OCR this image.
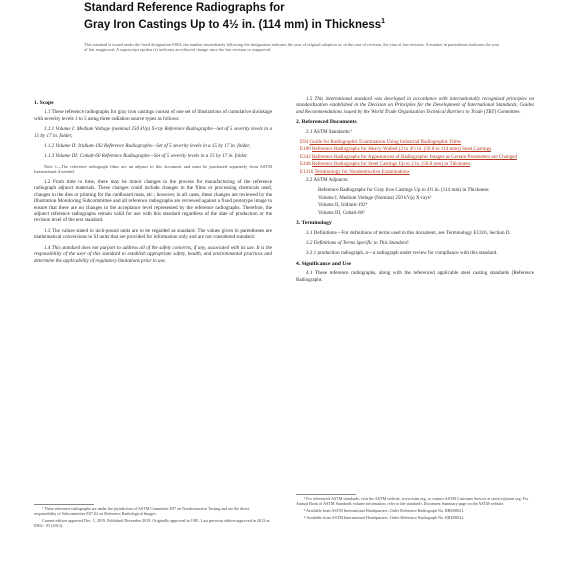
Standard Reference Radiographs for
Gray Iron Castings Up to 4½ in. (114 mm) in Thickness$^1$
This standard is issued under the fixed designation E802; the number immediately following the designation indicates the year of original adoption or, in the case of revision, the year of last revision. A number in parentheses indicates the year of last reapproval. A superscript epsilon (ε) indicates an editorial change since the last revision or reapproval.
1. Scope
1.1 These reference radiographs for gray iron castings consist of one set of illustrations of cumulative shrinkage with severity levels 1 to 5 using three radiation source types as follows:
1.1.1 Volume I: Medium Voltage (nominal 250 kVp) X-ray Reference Radiographs—Set of 5 severity levels in a 15 by 17 in. folder,
1.1.2 Volume II: Iridium-192 Reference Radiographs—Set of 5 severity levels in a 15 by 17 in. folder,
1.1.3 Volume III: Cobalt-60 Reference Radiographs—Set of 5 severity levels in a 15 by 17 in. folder.
Note 1—The reference radiograph films are an adjunct to this document and must be purchased separately from ASTM International if needed.
1.2 From time to time, there may be minor changes to the process for manufacturing of the reference radiograph adjunct materials. These changes could include changes in the films or processing chemicals used, changes in the dies or printing for the cardboard mats, etc.; however, in all cases, these changes are reviewed by the Illustration Monitoring Subcommittee and all reference radiographs are reviewed against a fixed prototype image to ensure that there are no changes to the acceptance level represented by the reference radiographs. Therefore, the adjunct reference radiographs remain valid for use with this standard regardless of the date of production or the revision level of the text standard.
1.3 The values stated in inch-pound units are to be regarded as standard. The values given in parentheses are mathematical conversions to SI units that are provided for information only and are not considered standard.
1.4 This standard does not purport to address all of the safety concerns, if any, associated with its use. It is the responsibility of the user of this standard to establish appropriate safety, health, and environmental practices and determine the applicability of regulatory limitations prior to use.
1.5 This international standard was developed in accordance with internationally recognized principles on standardization established in the Decision on Principles for the Development of International Standards, Guides and Recommendations issued by the World Trade Organization Technical Barriers to Trade (TBT) Committee.
2. Referenced Documents
2.1 ASTM Standards:²
E94 Guide for Radiographic Examination Using Industrial Radiographic Films
E186 Reference Radiographs for Heavy-Walled (2 to 4½ in. (50.8 to 114 mm)) Steel Castings
E242 Reference Radiographs for Appearances of Radiographic Images as Certain Parameters are Changed
E446 Reference Radiographs for Steel Castings Up to 2 in. (50.8 mm) in Thickness
E1316 Terminology for Nondestructive Examinations
2.2 ASTM Adjuncts:
Reference Radiographs for Gray Iron Castings Up to 4½ in. (114 mm) in Thickness:
Volume I, Medium Voltage (Nominal 250 kVp) X-rays³
Volume II, Iridium-192⁴
Volume III, Cobalt-60⁵
3. Terminology
3.1 Definitions—For definitions of terms used in this document, see Terminology E1316, Section D.
3.2 Definitions of Terms Specific to This Standard:
3.2.1 production radiograph, n—a radiograph under review for compliance with this standard.
4. Significance and Use
4.1 These reference radiographs, along with the referenced applicable steel casting standards (Reference Radiographs

¹ These reference radiographs are under the jurisdiction of ASTM Committee E07 on Nondestructive Testing and are the direct responsibility of Subcommittee E07.02 on Reference Radiological Images.

Current edition approved Dec. 1, 2019. Published December 2019. Originally approved in 1981. Last previous edition approved in 2013 as E802 - 95 (2013).

² For referenced ASTM standards, visit the ASTM website, www.astm.org, or contact ASTM Customer Service at service@astm.org. For Annual Book of ASTM Standards volume information, refer to the standard's Document Summary page on the ASTM website.

³ Available from ASTM International Headquarters. Order Reference Radiograph No. RRE08021.

⁴ Available from ASTM International Headquarters. Order Reference Radiograph No. RRE08022.
